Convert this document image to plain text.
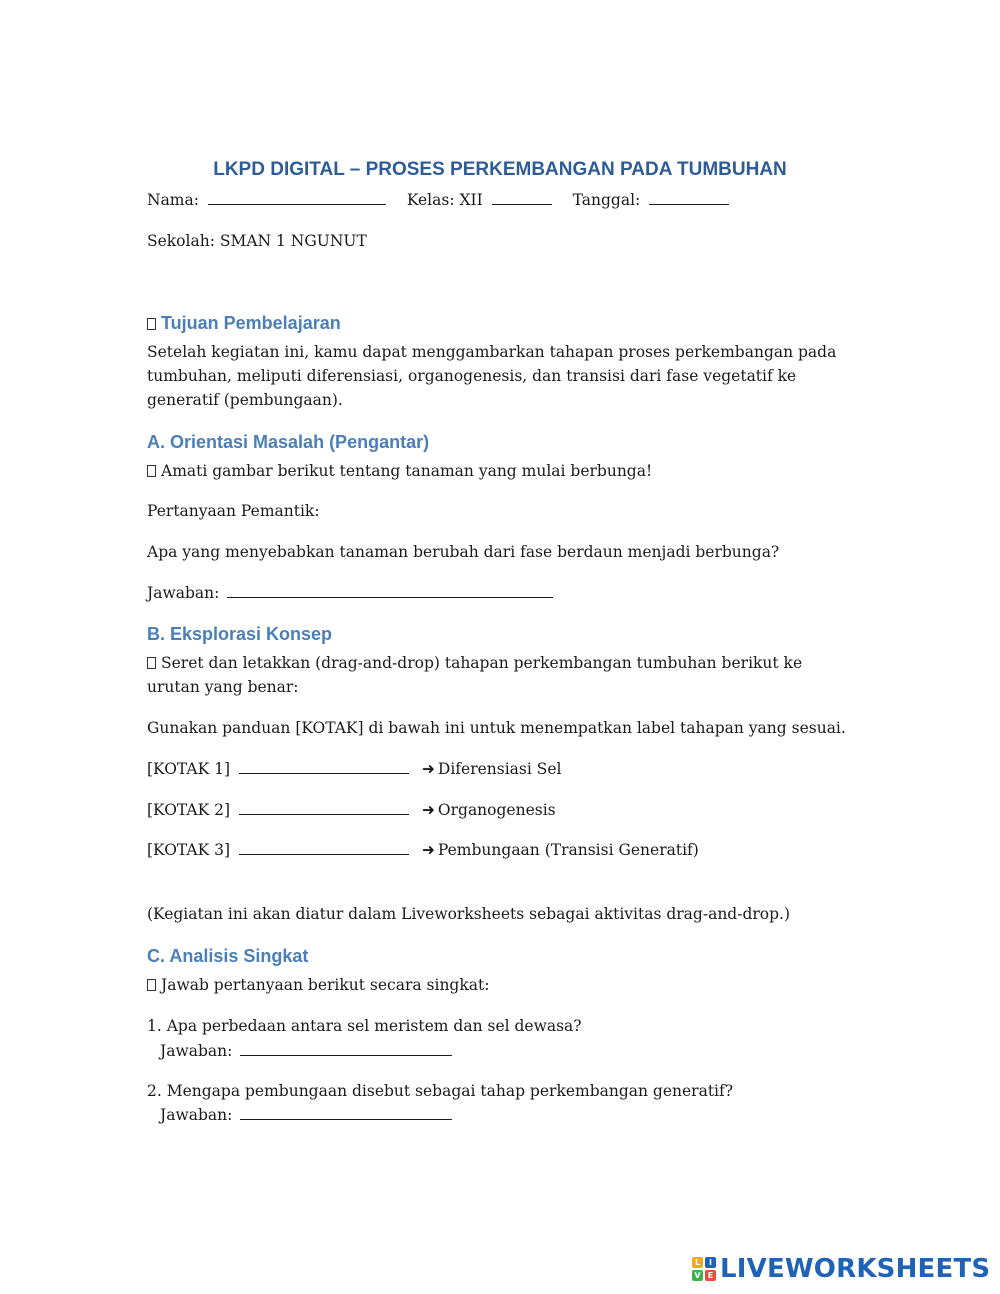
LKPD DIGITAL – PROSES PERKEMBANGAN PADA TUMBUHAN
Nama:	Kelas: XII	Tanggal:
Sekolah: SMAN 1 NGUNUT
Tujuan Pembelajaran
Setelah kegiatan ini, kamu dapat menggambarkan tahapan proses perkembangan pada tumbuhan, meliputi diferensiasi, organogenesis, dan transisi dari fase vegetatif ke generatif (pembungaan).
A. Orientasi Masalah (Pengantar)
Amati gambar berikut tentang tanaman yang mulai berbunga!
Pertanyaan Pemantik:
Apa yang menyebabkan tanaman berubah dari fase berdaun menjadi berbunga?
Jawaban:
B. Eksplorasi Konsep
Seret dan letakkan (drag-and-drop) tahapan perkembangan tumbuhan berikut ke urutan yang benar:
Gunakan panduan [KOTAK] di bawah ini untuk menempatkan label tahapan yang sesuai.
[KOTAK 1]	➜ Diferensiasi Sel
[KOTAK 2]	➜ Organogenesis
[KOTAK 3]	➜ Pembungaan (Transisi Generatif)
(Kegiatan ini akan diatur dalam Liveworksheets sebagai aktivitas drag-and-drop.)
C. Analisis Singkat
Jawab pertanyaan berikut secara singkat:
1. Apa perbedaan antara sel meristem dan sel dewasa?
Jawaban:
2. Mengapa pembungaan disebut sebagai tahap perkembangan generatif?
Jawaban:
L	I
V E LIVEWORKSHEETS
